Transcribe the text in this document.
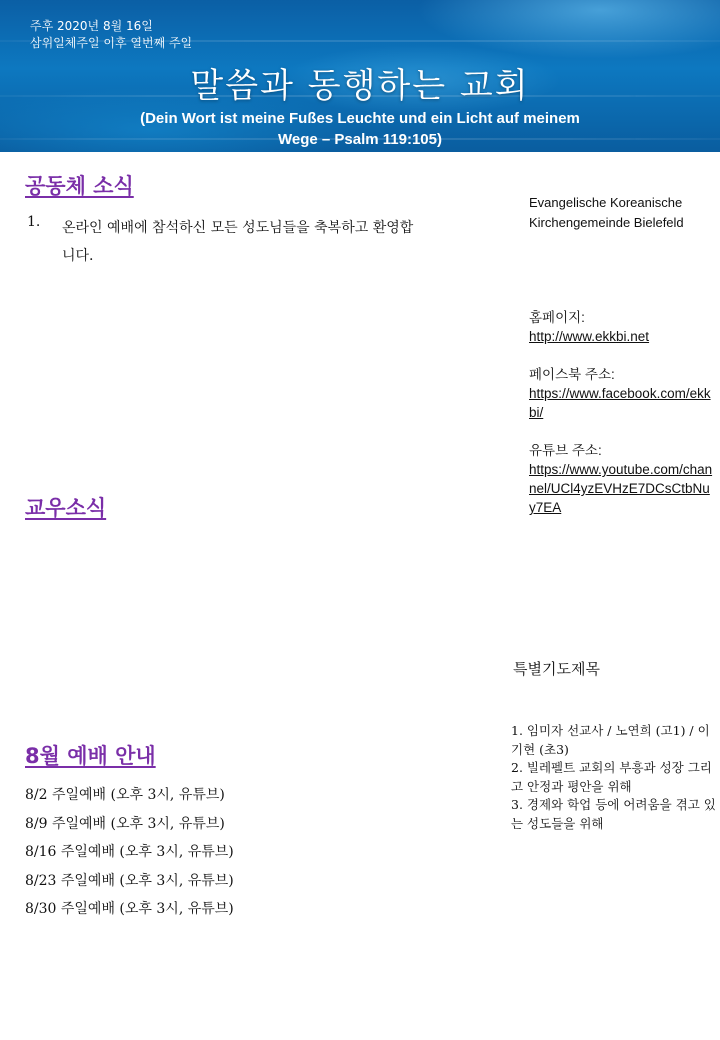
주후 2020년 8월 16일
삼위일체주일 이후 열번째 주일
말씀과 동행하는 교회
(Dein Wort ist meine Fußes Leuchte und ein Licht auf meinem Wege – Psalm 119:105)
공동체 소식
1. 온라인 예배에 참석하신 모든 성도님들을 축복하고 환영합니다.
교우소식
8월 예배 안내
8/2 주일예배 (오후 3시, 유튜브)
8/9 주일예배 (오후 3시, 유튜브)
8/16 주일예배 (오후 3시, 유튜브)
8/23 주일예배 (오후 3시, 유튜브)
8/30 주일예배 (오후 3시, 유튜브)
Evangelische Koreanische Kirchengemeinde Bielefeld
홈페이지:
http://www.ekkbi.net
페이스북 주소:
https://www.facebook.com/ekkbi/
유튜브 주소:
https://www.youtube.com/channel/UCl4yzEVHzE7DCsCtbNuy7EA
특별기도제목
1. 임미자 선교사 / 노연희 (고1) / 이기현 (초3)
2. 빌레펠트 교회의 부흥과 성장 그리고 안정과 평안을 위해
3. 경제와 학업 등에 어려움을 겪고 있는 성도들을 위해
